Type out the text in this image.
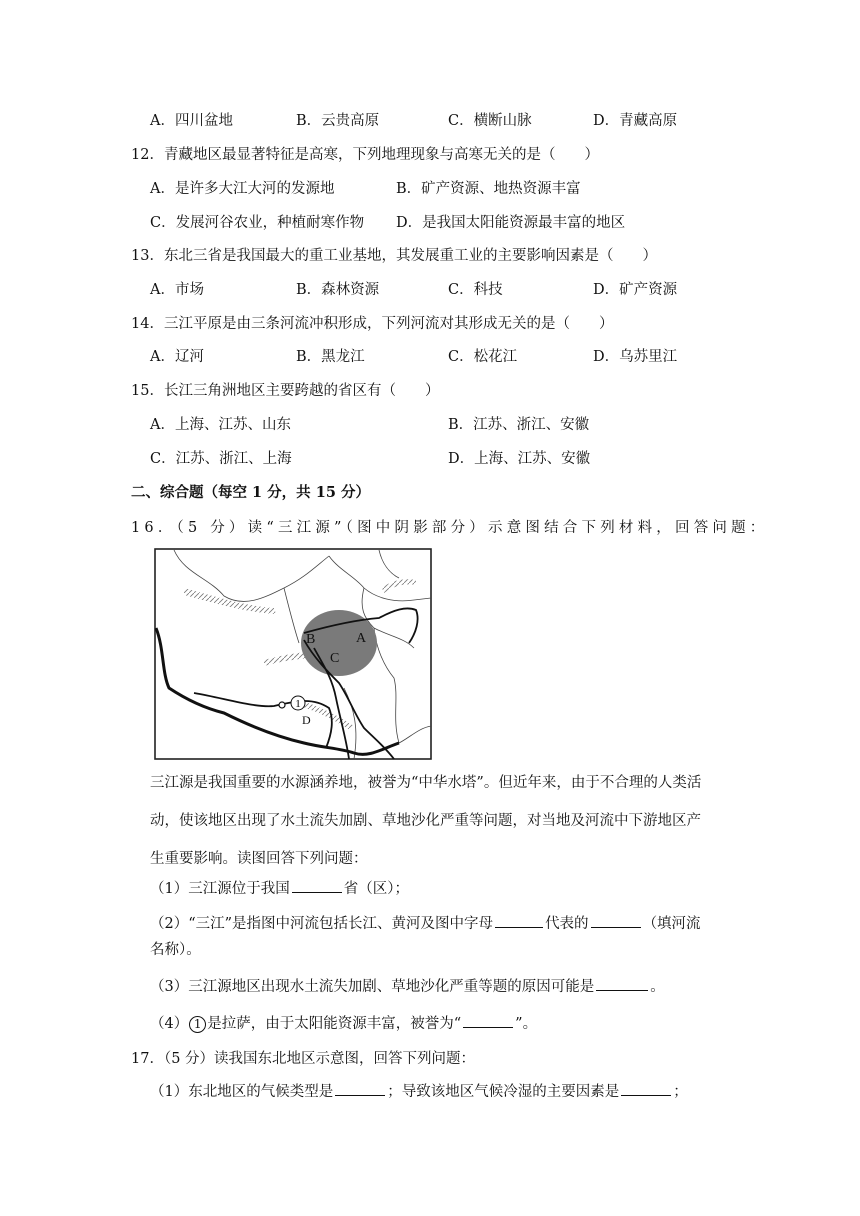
A．四川盆地	B．云贵高原	C．横断山脉	D．青藏高原
12．青藏地区最显著特征是高寒，下列地理现象与高寒无关的是（　　）
A．是许多大江大河的发源地	B．矿产资源、地热资源丰富
C．发展河谷农业，种植耐寒作物 D．是我国太阳能资源最丰富的地区
13．东北三省是我国最大的重工业基地，其发展重工业的主要影响因素是（　　）
A．市场	B．森林资源	C．科技	D．矿产资源
14．三江平原是由三条河流冲积形成，下列河流对其形成无关的是（　　）
A．辽河	B．黑龙江	C．松花江	D．乌苏里江
15．长江三角洲地区主要跨越的省区有（　　）
A．上海、江苏、山东	B．江苏、浙江、安徽
C．江苏、浙江、上海	D．上海、江苏、安徽
二、综合题（每空 1 分，共 15 分）
16．（5 分）读“三江源”（图中阴影部分）示意图结合下列材料，回答问题：
1
A
B
C
D
三江源是我国重要的水源涵养地，被誉为“中华水塔”。但近年来，由于不合理的人类活
动，使该地区出现了水土流失加剧、草地沙化严重等问题，对当地及河流中下游地区产
生重要影响。读图回答下列问题：
（1）三江源位于我国	省（区）；
（2）“三江”是指图中河流包括长江、黄河及图中字母	代表的	（填河流
名称）。
（3）三江源地区出现水土流失加剧、草地沙化严重等题的原因可能是	。
（4） 1 是拉萨，由于太阳能资源丰富，被誉为“	”。
17．（5 分）读我国东北地区示意图，回答下列问题：
（1）东北地区的气候类型是	；导致该地区气候冷湿的主要因素是	；
